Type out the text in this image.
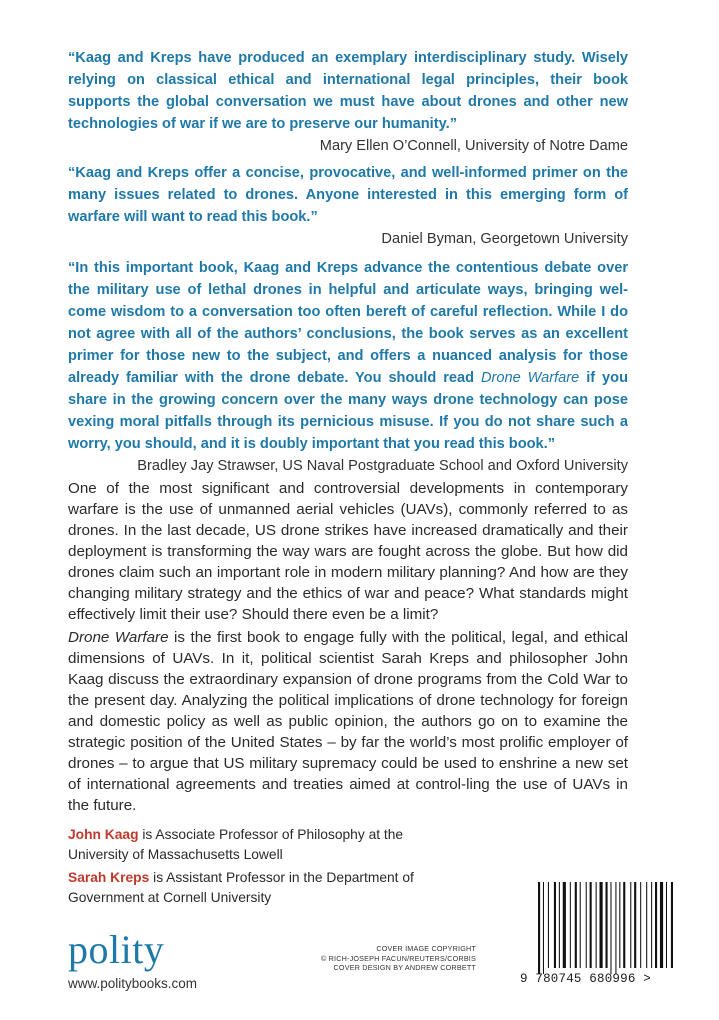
“Kaag and Kreps have produced an exemplary interdisciplinary study. Wisely relying on classical ethical and international legal principles, their book supports the global conversation we must have about drones and other new technologies of war if we are to preserve our humanity.”

Mary Ellen O’Connell, University of Notre Dame

“Kaag and Kreps offer a concise, provocative, and well-informed primer on the many issues related to drones. Anyone interested in this emerging form of warfare will want to read this book.”

Daniel Byman, Georgetown University

“In this important book, Kaag and Kreps advance the contentious debate over the military use of lethal drones in helpful and articulate ways, bringing wel-come wisdom to a conversation too often bereft of careful reflection. While I do not agree with all of the authors’ conclusions, the book serves as an excellent primer for those new to the subject, and offers a nuanced analysis for those already familiar with the drone debate. You should read Drone Warfare if you share in the growing concern over the many ways drone technology can pose vexing moral pitfalls through its pernicious misuse. If you do not share such a worry, you should, and it is doubly important that you read this book.”

Bradley Jay Strawser, US Naval Postgraduate School and Oxford University

One of the most significant and controversial developments in contemporary warfare is the use of unmanned aerial vehicles (UAVs), commonly referred to as drones. In the last decade, US drone strikes have increased dramatically and their deployment is transforming the way wars are fought across the globe. But how did drones claim such an important role in modern military planning? And how are they changing military strategy and the ethics of war and peace? What standards might effectively limit their use? Should there even be a limit?

Drone Warfare is the first book to engage fully with the political, legal, and ethical dimensions of UAVs. In it, political scientist Sarah Kreps and philosopher John Kaag discuss the extraordinary expansion of drone programs from the Cold War to the present day. Analyzing the political implications of drone technology for foreign and domestic policy as well as public opinion, the authors go on to examine the strategic position of the United States – by far the world’s most prolific employer of drones – to argue that US military supremacy could be used to enshrine a new set of international agreements and treaties aimed at control-ling the use of UAVs in the future.

John Kaag is Associate Professor of Philosophy at the University of Massachusetts Lowell

Sarah Kreps is Assistant Professor in the Department of Government at Cornell University

polity
www.politybooks.com
COVER IMAGE COPYRIGHT
© RICH-JOSEPH FACUN/REUTERS/CORBIS
COVER DESIGN BY ANDREW CORBETT
9 780745 680996 >
